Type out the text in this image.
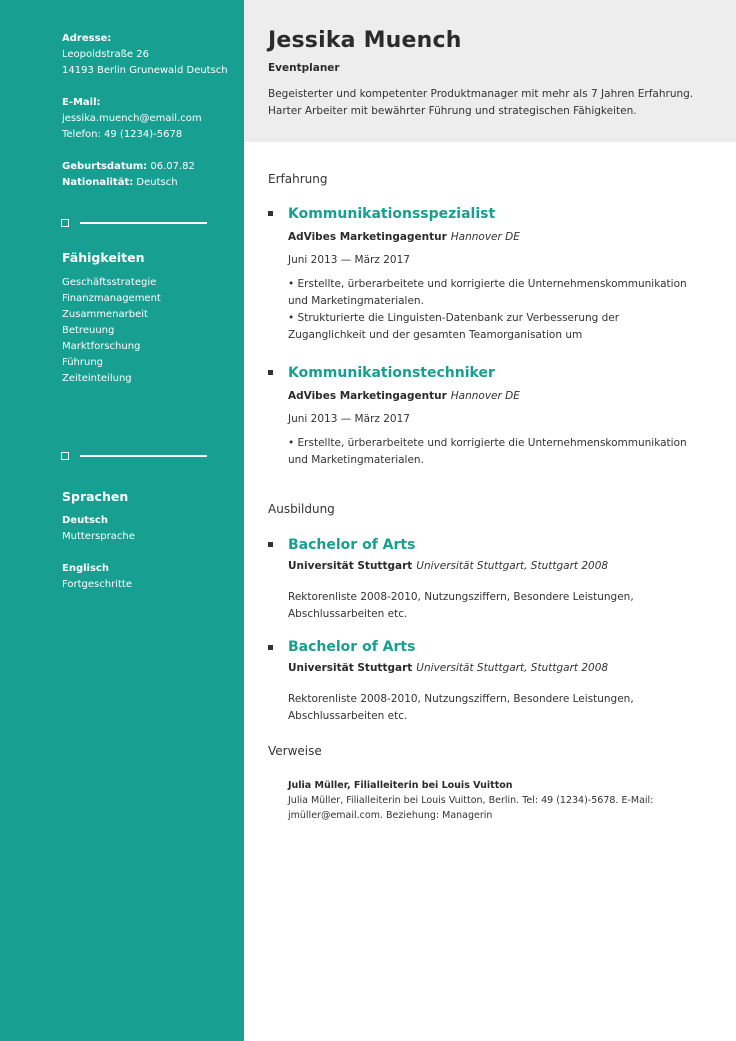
Adresse:
Leopoldstraße 26
14193 Berlin Grunewald Deutsch
E-Mail:
jessika.muench@email.com
Telefon: 49 (1234)-5678
Geburtsdatum: 06.07.82
Nationalität: Deutsch
Fähigkeiten
Geschäftsstrategie
Finanzmanagement
Zusammenarbeit
Betreuung
Marktforschung
Führung
Zeiteinteilung
Sprachen
Deutsch
Muttersprache
Englisch
Fortgeschritte
Jessika Muench
Eventplaner
Begeisterter und kompetenter Produktmanager mit mehr als 7 Jahren Erfahrung. Harter Arbeiter mit bewährter Führung und strategischen Fähigkeiten.
Erfahrung
Kommunikationsspezialist
AdVibes Marketingagentur Hannover DE
Juni 2013 — März 2017
• Erstellte, ürberarbeitete und korrigierte die Unternehmenskommunikation und Marketingmaterialen.
• Strukturierte die Linguisten-Datenbank zur Verbesserung der Zuganglichkeit und der gesamten Teamorganisation um
Kommunikationstechniker
AdVibes Marketingagentur Hannover DE
Juni 2013 — März 2017
• Erstellte, ürberarbeitete und korrigierte die Unternehmenskommunikation und Marketingmaterialen.
Ausbildung
Bachelor of Arts
Universität Stuttgart Universität Stuttgart, Stuttgart 2008
Rektorenliste 2008-2010, Nutzungsziffern, Besondere Leistungen, Abschlussarbeiten etc.
Bachelor of Arts
Universität Stuttgart Universität Stuttgart, Stuttgart 2008
Rektorenliste 2008-2010, Nutzungsziffern, Besondere Leistungen, Abschlussarbeiten etc.
Verweise
Julia Müller, Filialleiterin bei Louis Vuitton
Julia Müller, Filialleiterin bei Louis Vuitton, Berlin. Tel: 49 (1234)-5678. E-Mail: jmüller@email.com. Beziehung: Managerin
